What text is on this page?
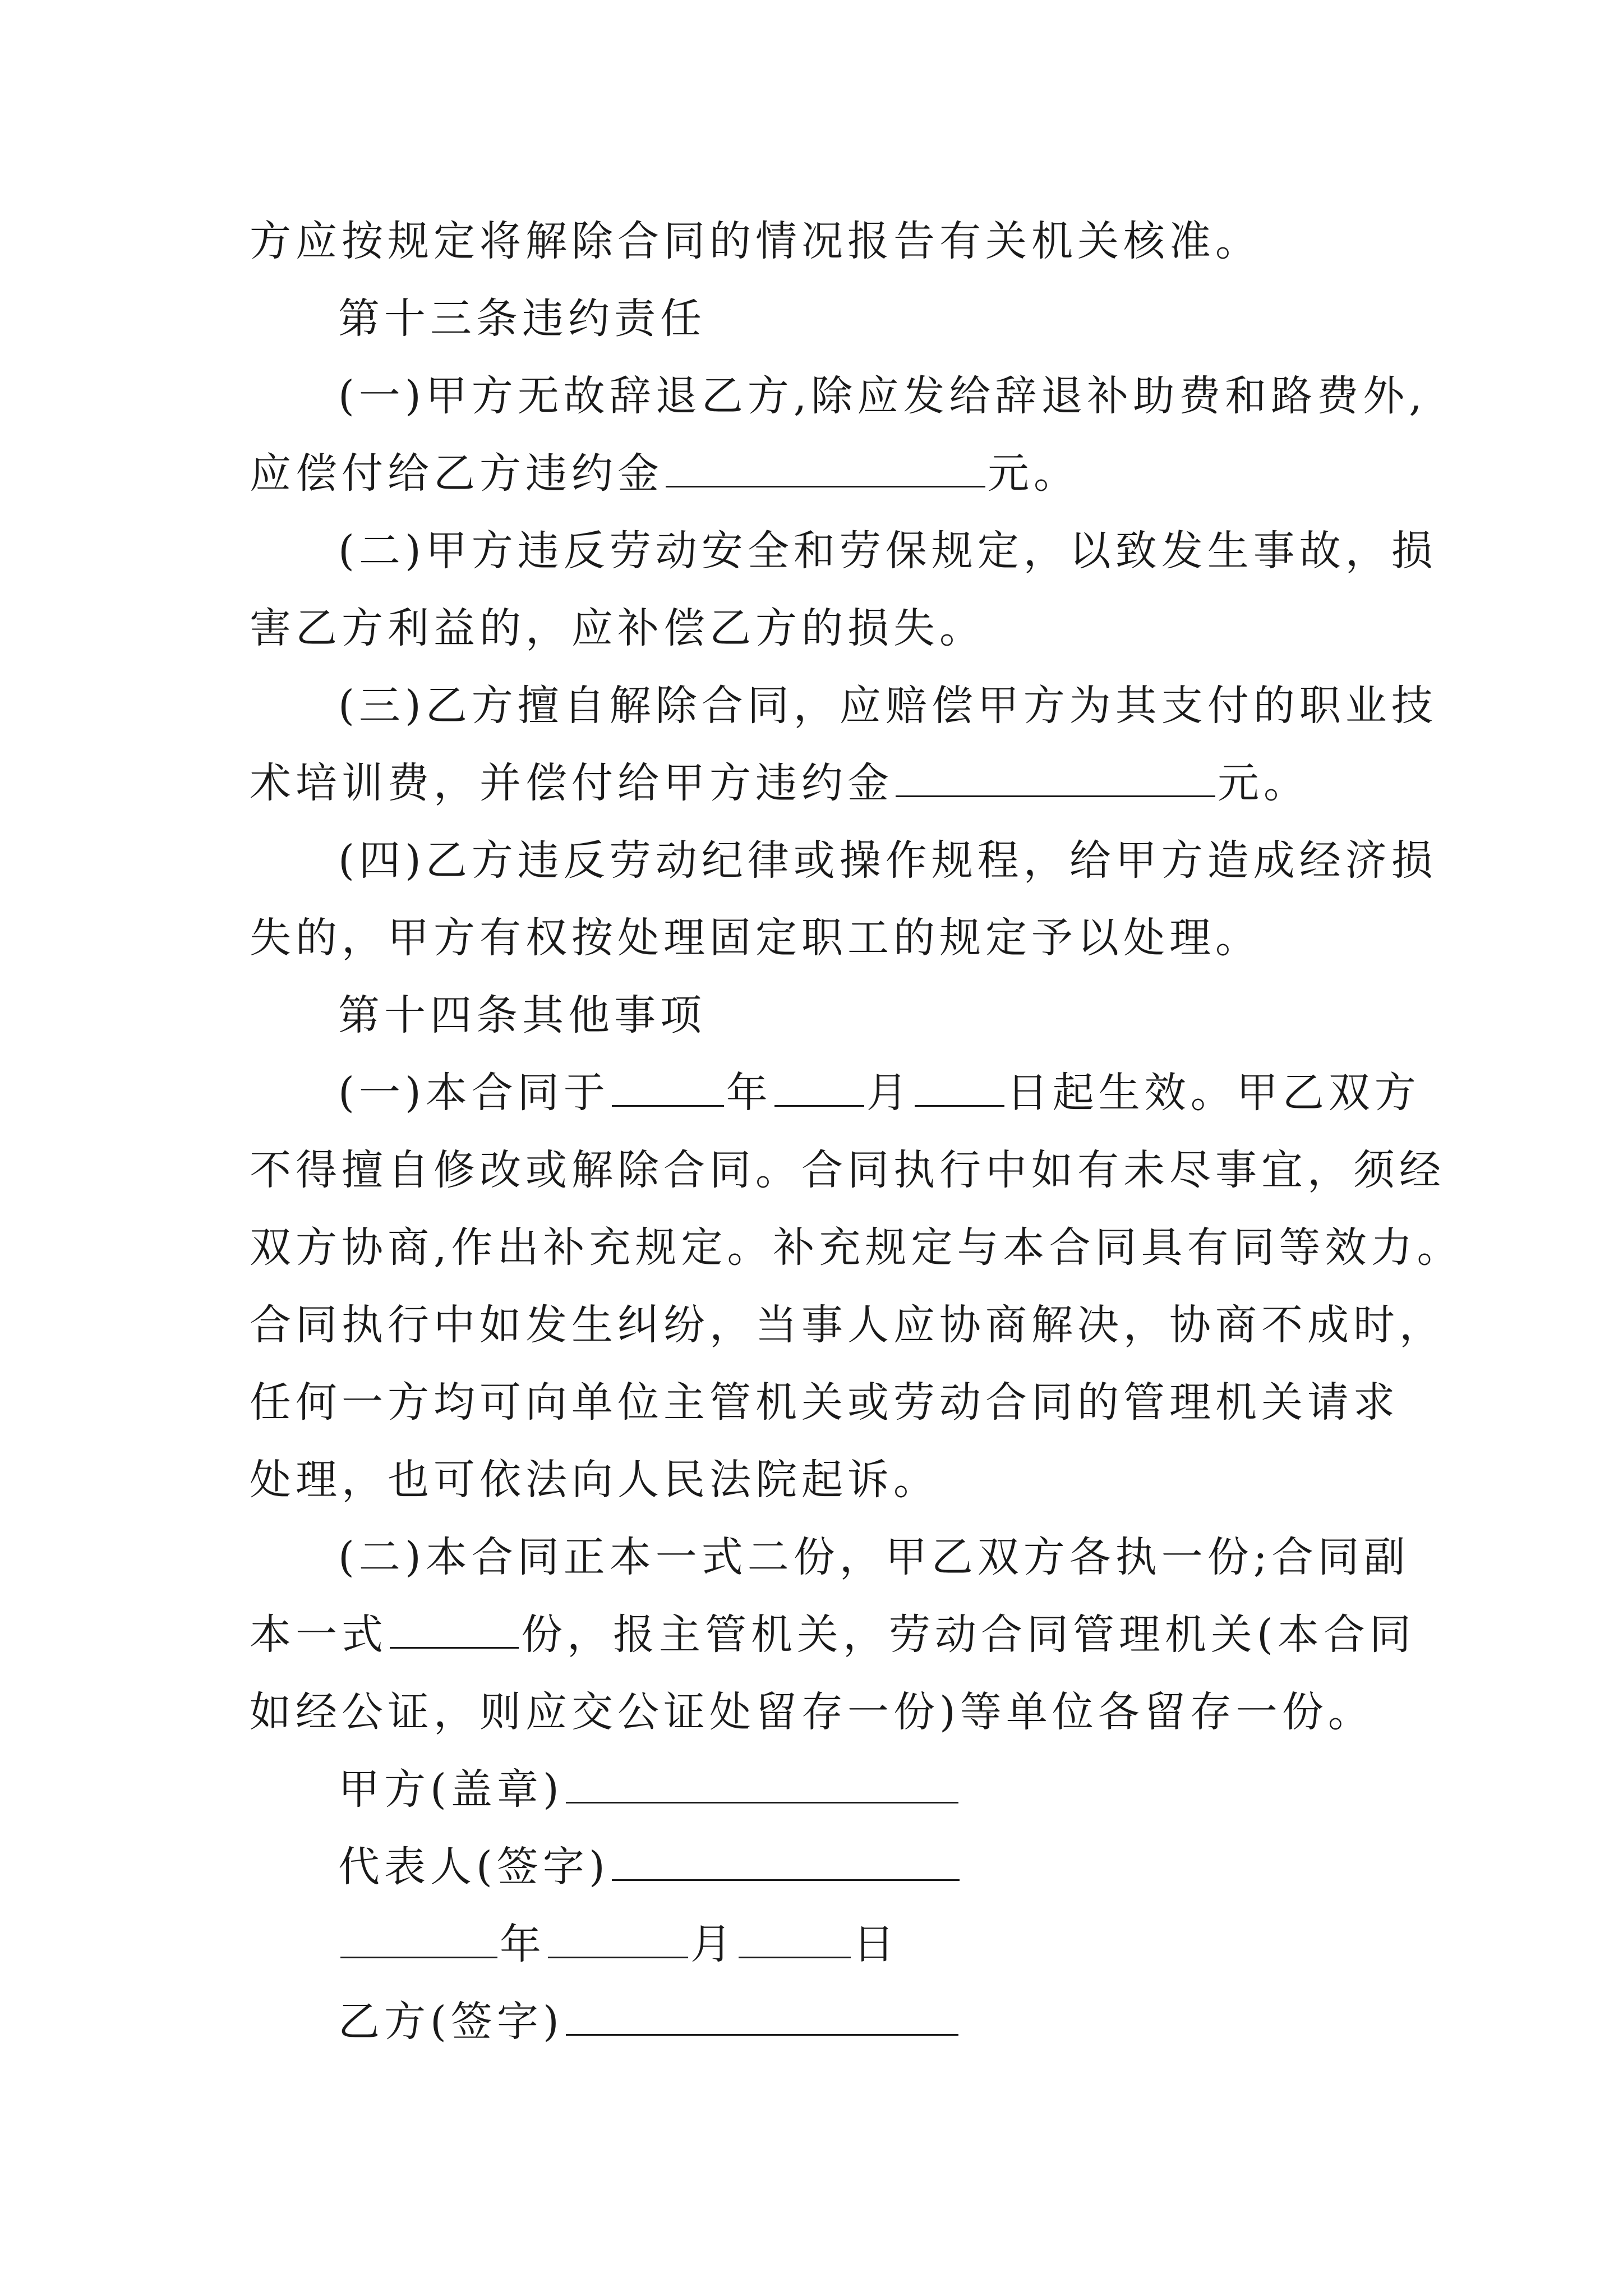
方应按规定将解除合同的情况报告有关机关核准。
第十三条违约责任
(一)甲方无故辞退乙方,除应发给辞退补助费和路费外,
应偿付给乙方违约金	元。
(二)甲方违反劳动安全和劳保规定，以致发生事故，损
害乙方利益的，应补偿乙方的损失。
(三)乙方擅自解除合同，应赔偿甲方为其支付的职业技
术培训费，并偿付给甲方违约金	元。
(四)乙方违反劳动纪律或操作规程，给甲方造成经济损
失的，甲方有权按处理固定职工的规定予以处理。
第十四条其他事项
(一)本合同于	年 月 日起生效。甲乙双方
不得擅自修改或解除合同。合同执行中如有未尽事宜，须经
双方协商,作出补充规定。补充规定与本合同具有同等效力。
合同执行中如发生纠纷，当事人应协商解决，协商不成时，
任何一方均可向单位主管机关或劳动合同的管理机关请求
处理，也可依法向人民法院起诉。
(二)本合同正本一式二份，甲乙双方各执一份;合同副
本一式	份，报主管机关，劳动合同管理机关(本合同
如经公证，则应交公证处留存一份)等单位各留存一份。
甲方(盖章)
代表人(签字)
年	月	日
乙方(签字)
